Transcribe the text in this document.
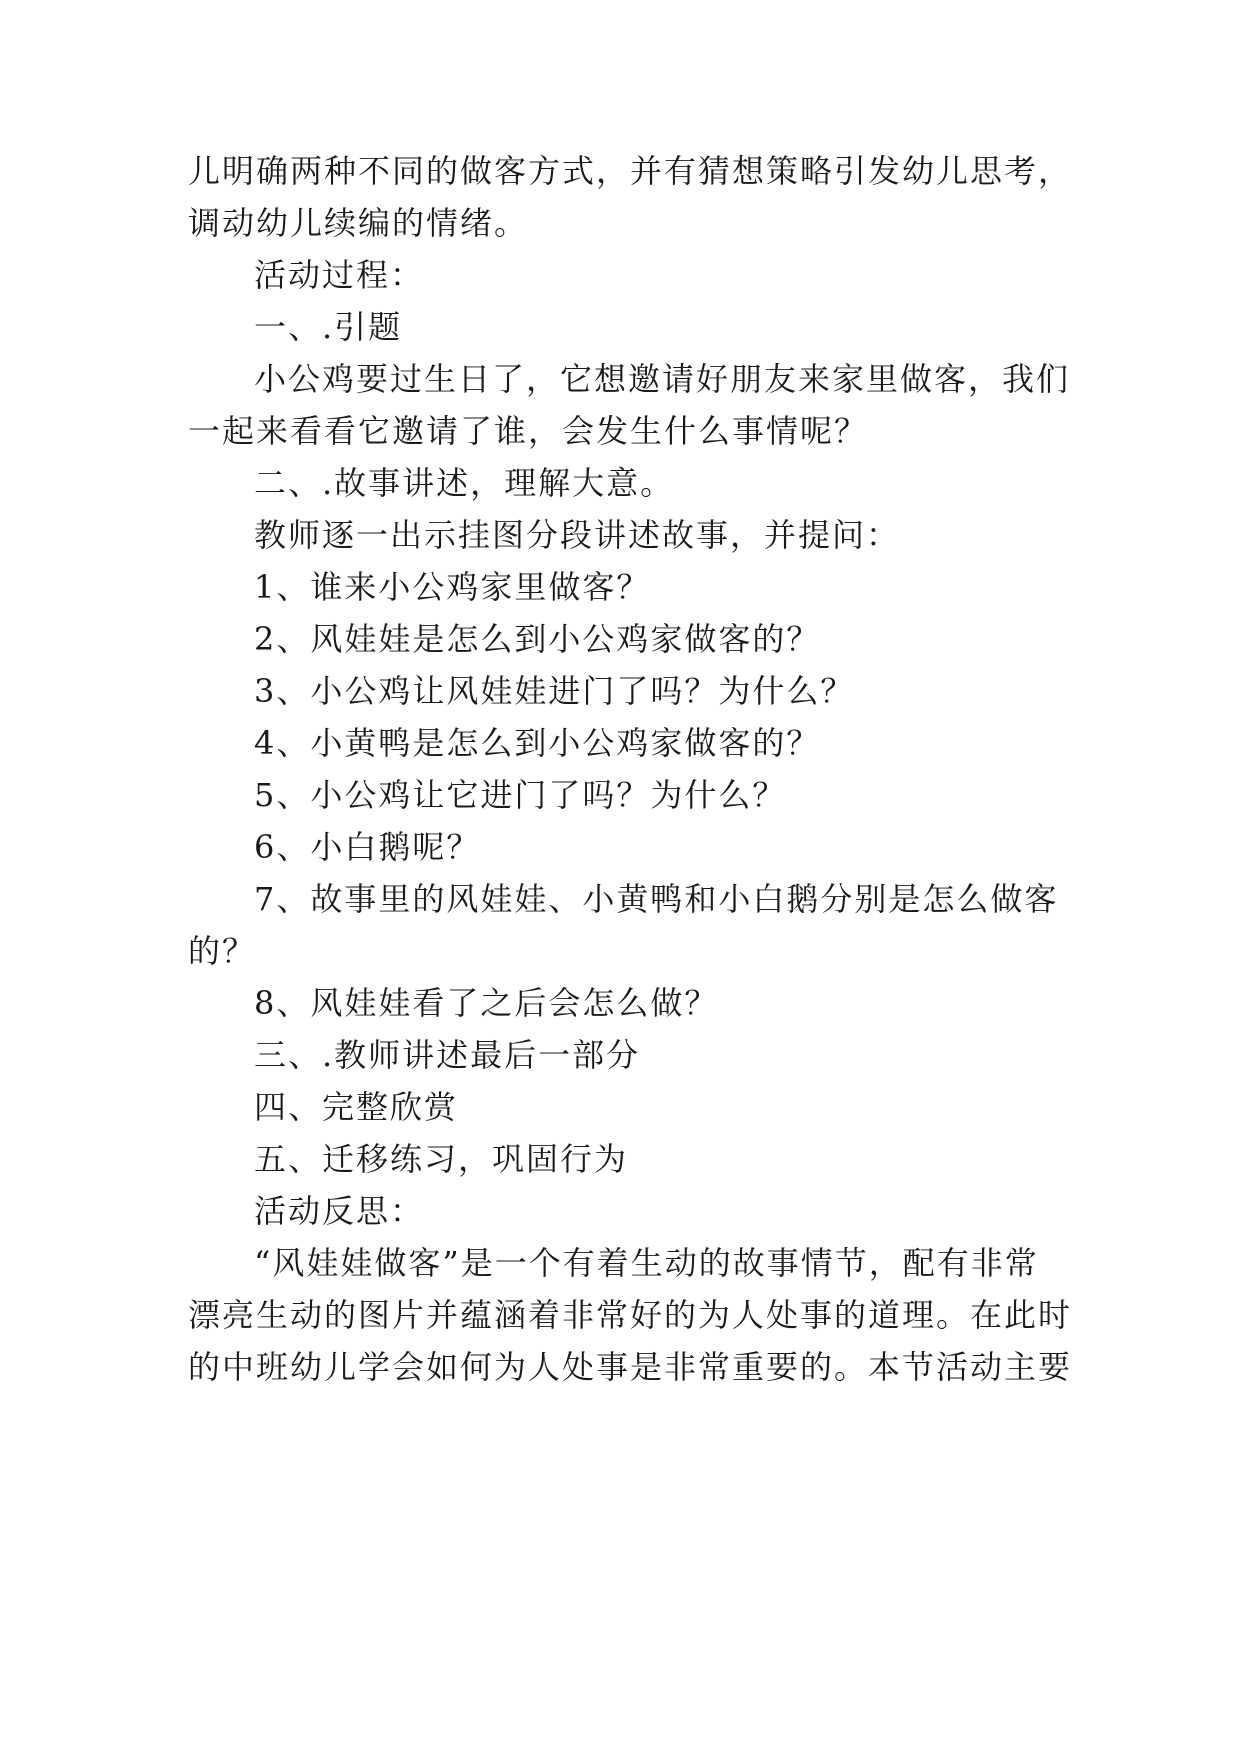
儿明确两种不同的做客方式，并有猜想策略引发幼儿思考，

调动幼儿续编的情绪。

活动过程：

一、.引题

小公鸡要过生日了，它想邀请好朋友来家里做客，我们

一起来看看它邀请了谁，会发生什么事情呢？

二、.故事讲述，理解大意。

教师逐一出示挂图分段讲述故事，并提问：

1、谁来小公鸡家里做客？

2、风娃娃是怎么到小公鸡家做客的？

3、小公鸡让风娃娃进门了吗？为什么？

4、小黄鸭是怎么到小公鸡家做客的？

5、小公鸡让它进门了吗？为什么？

6、小白鹅呢？

7、故事里的风娃娃、小黄鸭和小白鹅分别是怎么做客

的？

8、风娃娃看了之后会怎么做？

三、.教师讲述最后一部分

四、完整欣赏

五、迁移练习，巩固行为

活动反思：

“风娃娃做客”是一个有着生动的故事情节，配有非常

漂亮生动的图片并蕴涵着非常好的为人处事的道理。在此时

的中班幼儿学会如何为人处事是非常重要的。本节活动主要
